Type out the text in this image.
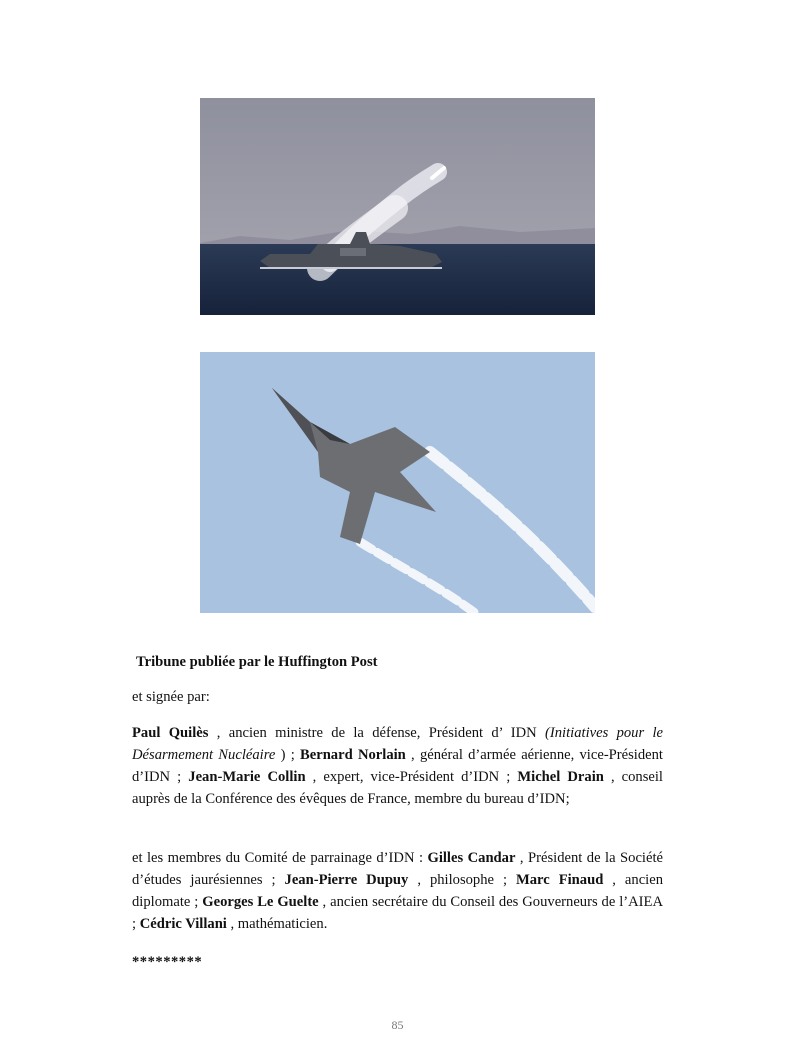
Tribune publiée par le Huffington Post
et signée par:
Paul Quilès , ancien ministre de la défense, Président d’ IDN (Initiatives pour le Désarmement Nucléaire ) ; Bernard Norlain , général d’armée aérienne, vice-Président d’IDN ; Jean-Marie Collin , expert, vice-Président d’IDN ; Michel Drain , conseil auprès de la Conférence des évêques de France, membre du bureau d’IDN;
et les membres du Comité de parrainage d’IDN : Gilles Candar , Président de la Société d’études jaurésiennes ; Jean-Pierre Dupuy , philosophe ; Marc Finaud , ancien diplomate ; Georges Le Guelte , ancien secrétaire du Conseil des Gouverneurs de l’AIEA ; Cédric Villani , mathématicien.
*********
85
